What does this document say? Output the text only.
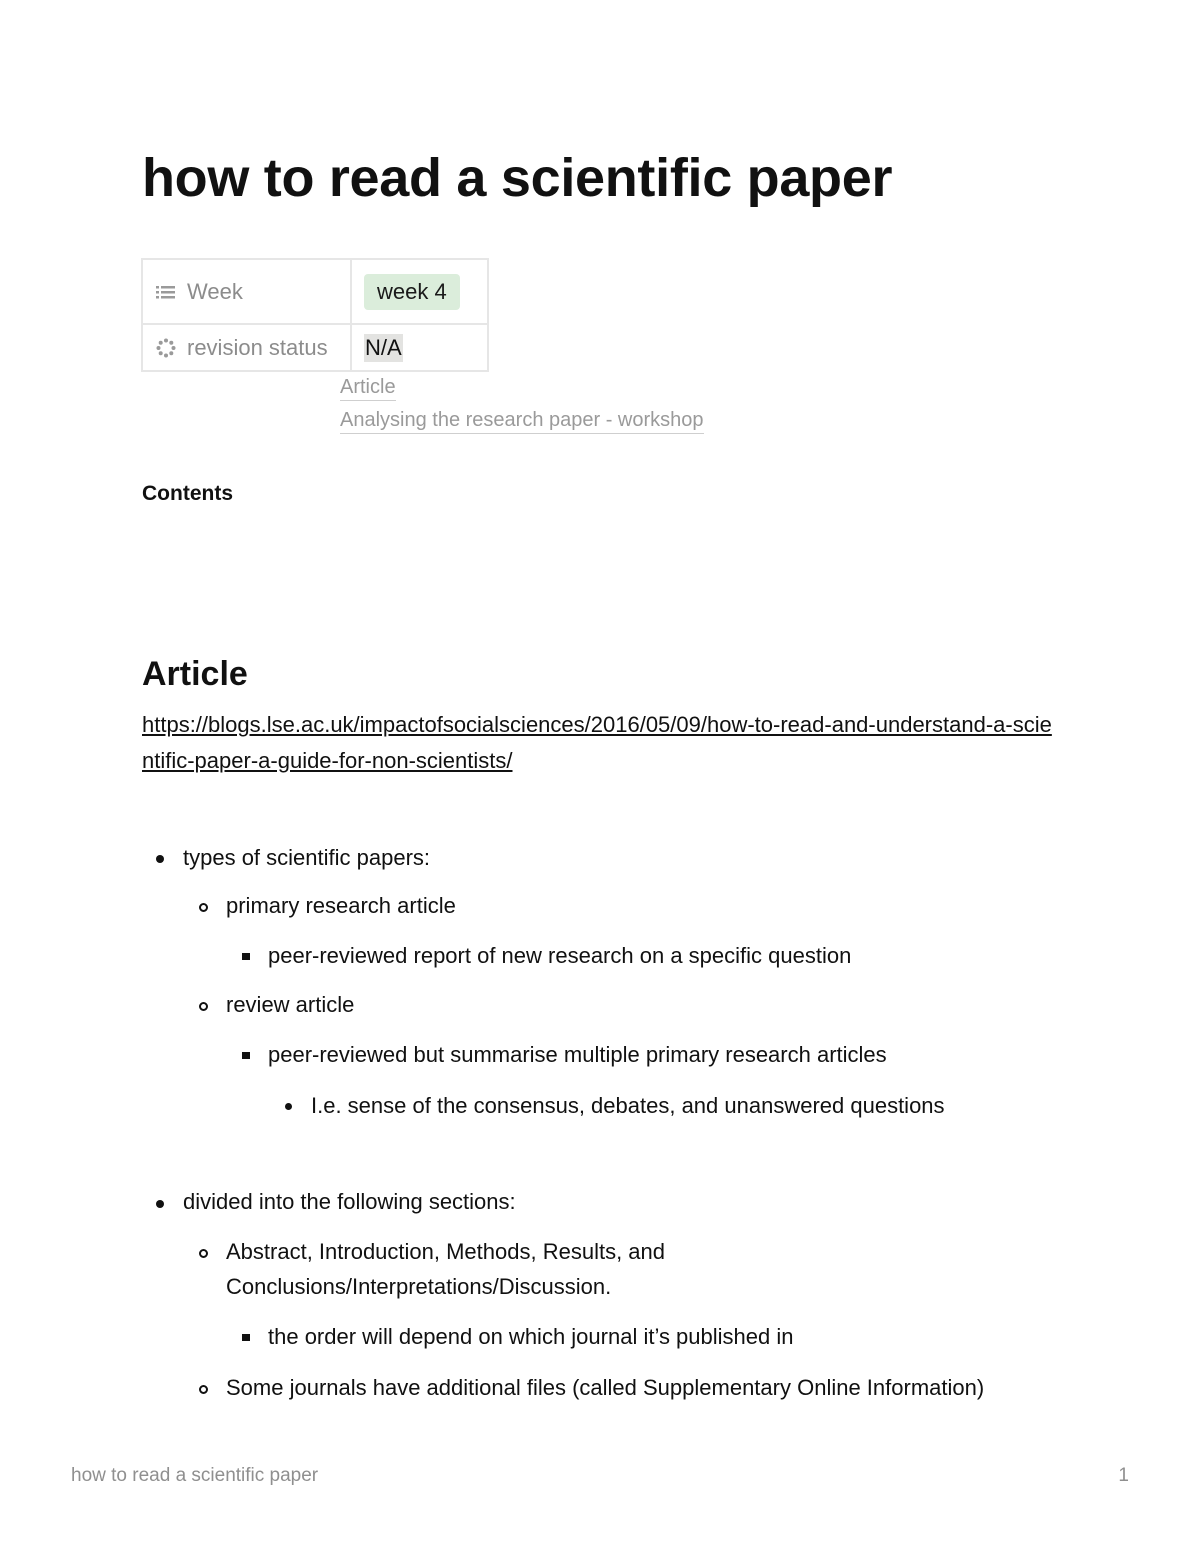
how to read a scientific paper
Week	week 4

revision status	N/A
Article
Analysing the research paper - workshop

Contents

Article
https://blogs.lse.ac.uk/impactofsocialsciences/2016/05/09/how-to-read-and-understand-a-scientific-paper-a-guide-for-non-scientists/
types of scientific papers:
primary research article
peer-reviewed report of new research on a specific question
review article
peer-reviewed but summarise multiple primary research articles
I.e. sense of the consensus, debates, and unanswered questions
divided into the following sections:
Abstract, Introduction, Methods, Results, and Conclusions/Interpretations/Discussion.
the order will depend on which journal it’s published in
Some journals have additional files (called Supplementary Online Information)
how to read a scientific paper	1
